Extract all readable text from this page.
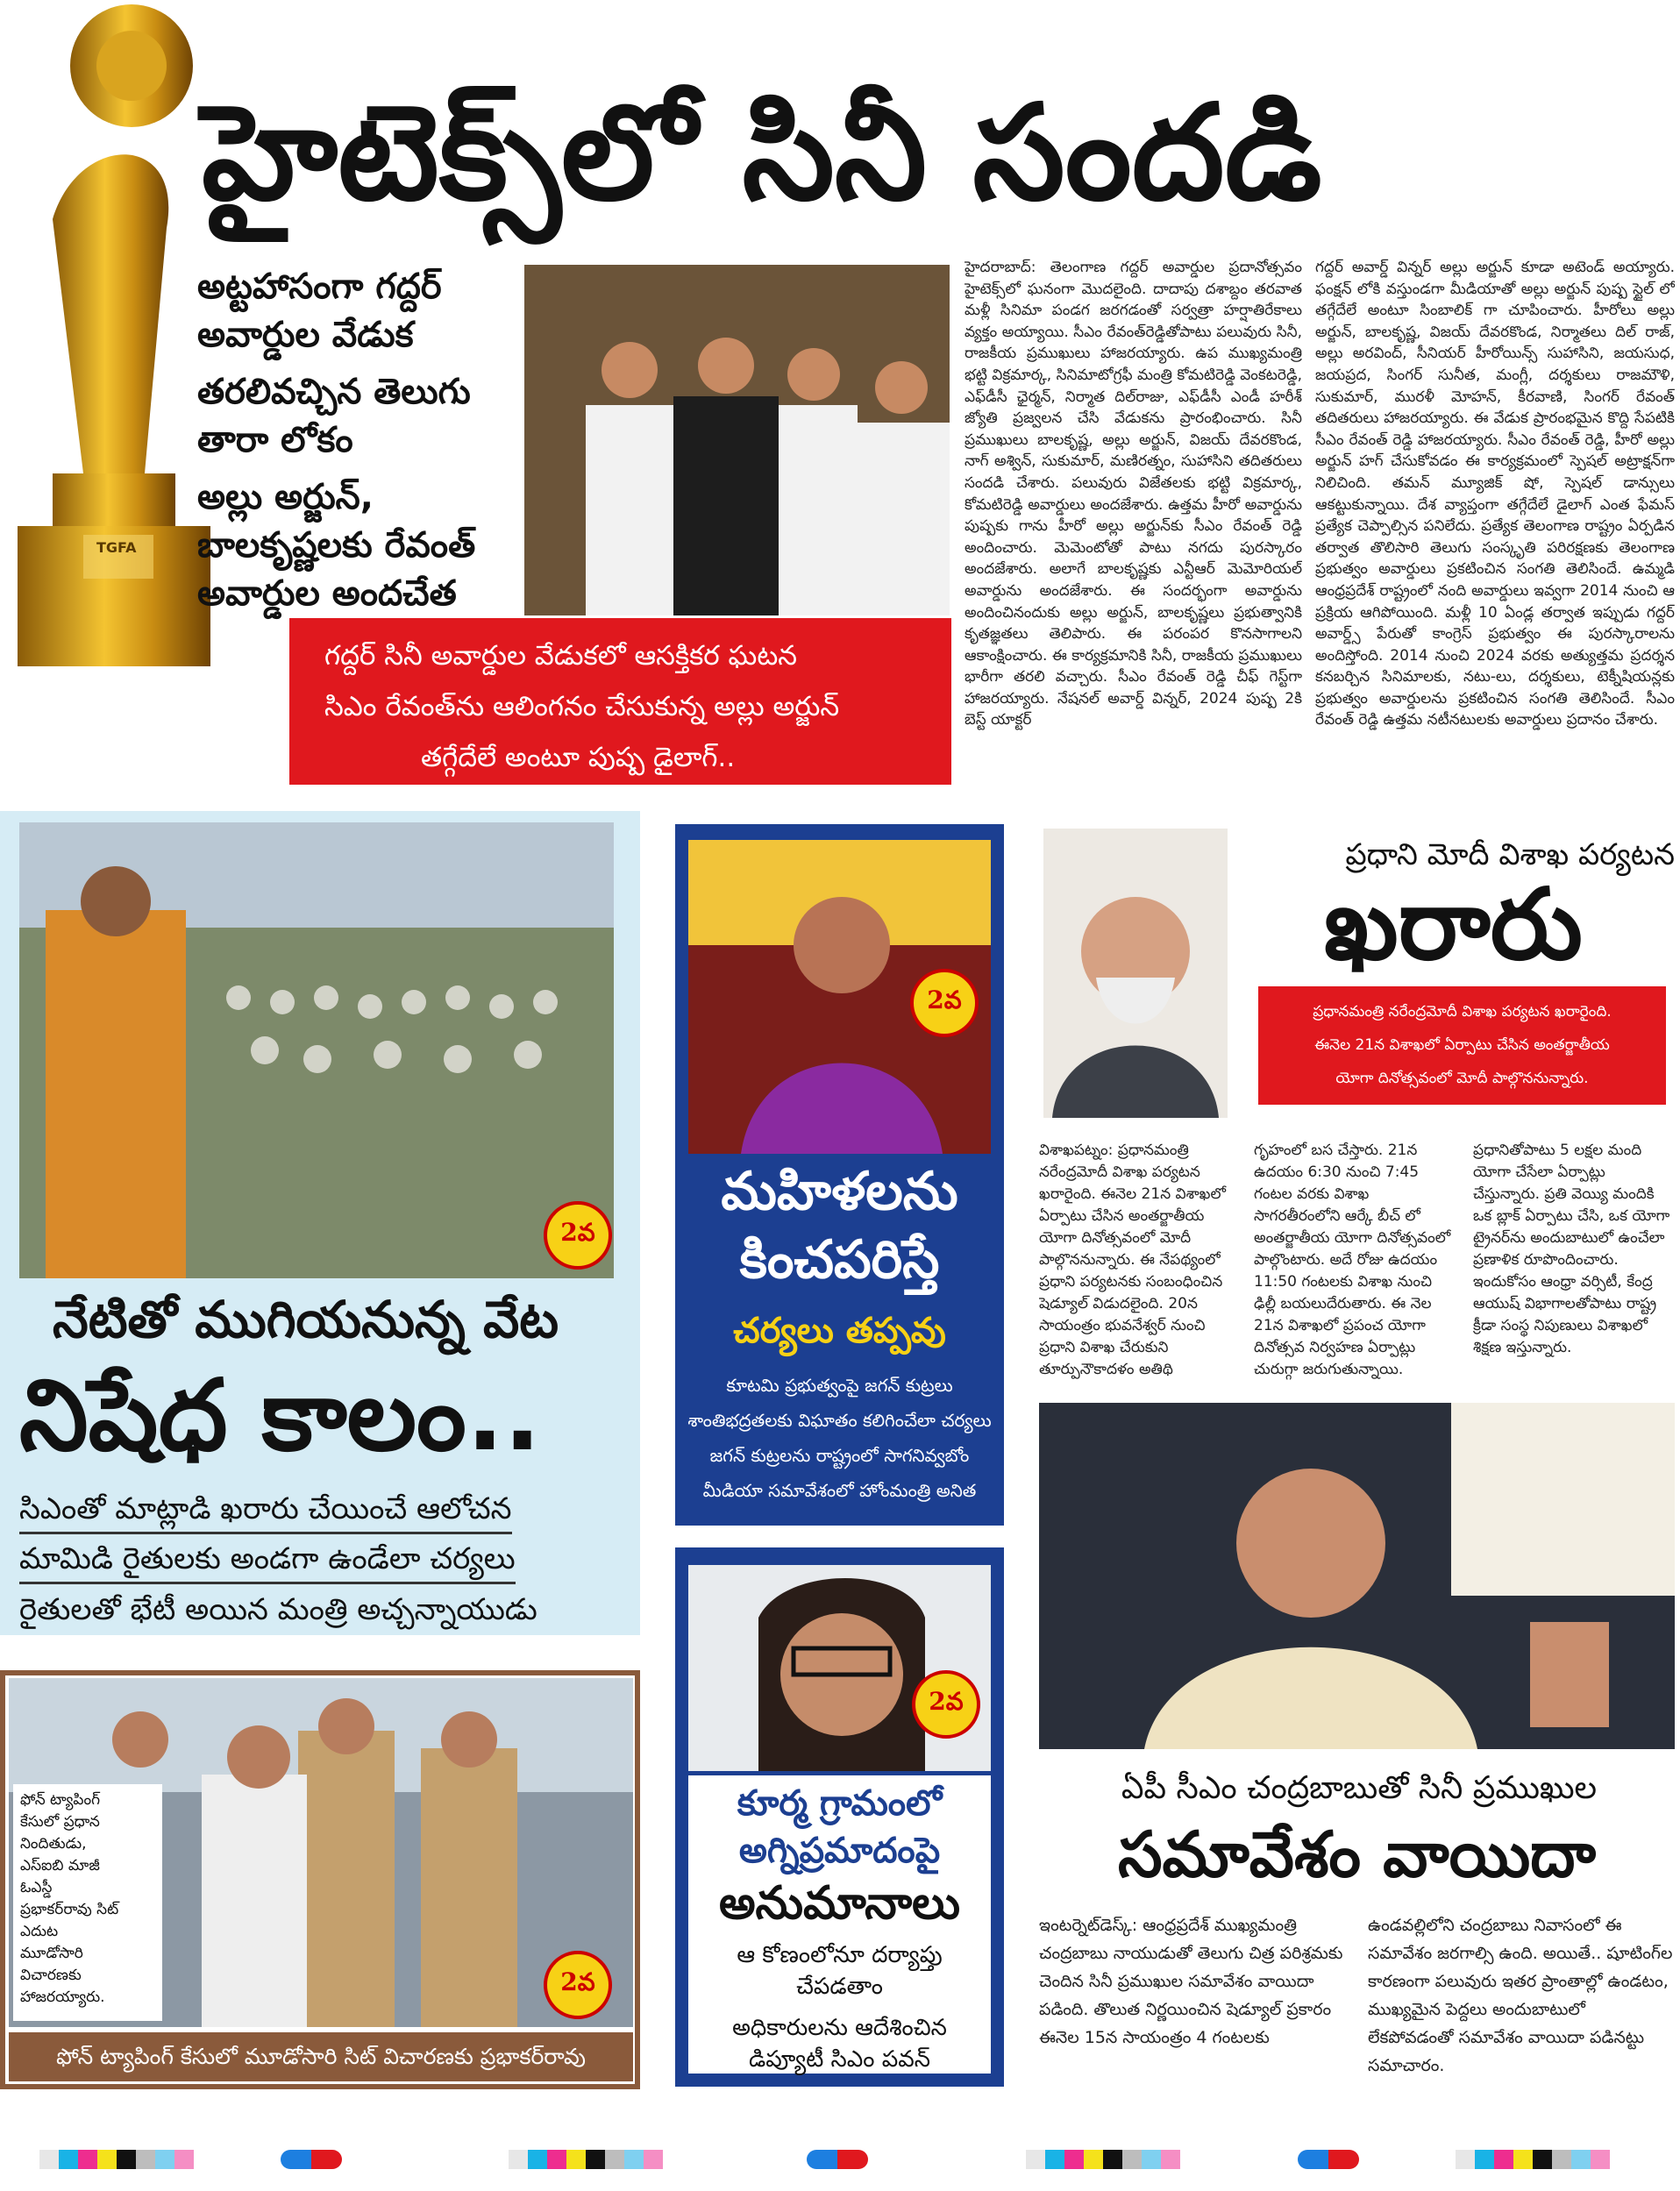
TGFA
హైటెక్స్‌లో సినీ సందడి
అట్టహాసంగా గద్దర్ అవార్డుల వేడుక
తరలివచ్చిన తెలుగు తారా లోకం
అల్లు అర్జున్, బాలకృష్ణలకు రేవంత్ అవార్డుల అందచేత
గద్దర్ సినీ అవార్డుల వేడుకలో ఆసక్తికర ఘటన
సిఎం రేవంత్‌ను ఆలింగనం చేసుకున్న అల్లు అర్జున్
తగ్గేదేలే అంటూ పుష్ప డైలాగ్..
హైదరాబాద్: తెలంగాణ గద్దర్ అవార్డుల ప్రదానోత్సవం హైటెక్స్‌లో ఘనంగా మొదలైంది. దాదాపు దశాబ్దం తరవాత మళ్లీ సినిమా పండగ జరగడంతో సర్వత్రా హర్షాతిరేకాలు వ్యక్తం అయ్యాయి. సీఎం రేవంత్‌రెడ్డితోపాటు పలువురు సినీ, రాజకీయ ప్రముఖులు హాజరయ్యారు. ఉప ముఖ్యమంత్రి భట్టి విక్రమార్క, సినిమాటోగ్రఫీ మంత్రి కోమటిరెడ్డి వెంకటరెడ్డి, ఎఫ్‌డీసీ ఛైర్మన్, నిర్మాత దిల్‌రాజు, ఎఫ్‌డీసీ ఎండీ హరీశ్ జ్యోతి ప్రజ్వలన చేసి వేడుకను ప్రారంభించారు. సినీ ప్రముఖులు బాలకృష్ణ, అల్లు అర్జున్, విజయ్ దేవరకొండ, నాగ్ అశ్విన్, సుకుమార్, మణిరత్నం, సుహాసిని తదితరులు సందడి చేశారు. పలువురు విజేతలకు భట్టి విక్రమార్క, కోమటిరెడ్డి అవార్డులు అందజేశారు. ఉత్తమ హీరో అవార్డును పుష్పకు గాను హీరో అల్లు అర్జున్‌కు సీఎం రేవంత్ రెడ్డి అందించారు. మెమెంటోతో పాటు నగదు పురస్కారం అందజేశారు. అలాగే బాలకృష్ణకు ఎన్టీఆర్ మెమోరియల్ అవార్డును అందజేశారు. ఈ సందర్భంగా అవార్డును అందించినందుకు అల్లు అర్జున్, బాలకృష్ణలు ప్రభుత్వానికి కృతజ్ఞతలు తెలిపారు. ఈ పరంపర కొనసాగాలని ఆకాంక్షించారు. ఈ కార్యక్రమానికి సినీ, రాజకీయ ప్రముఖులు భారీగా తరలి వచ్చారు. సీఎం రేవంత్ రెడ్డి చీఫ్ గెస్ట్‌గా హాజరయ్యారు. నేషనల్ అవార్డ్ విన్నర్, 2024 పుష్ప 2కి బెస్ట్ యాక్టర్
గద్దర్ అవార్డ్ విన్నర్ అల్లు అర్జున్ కూడా అటెండ్ అయ్యారు. ఫంక్షన్ లోకి వస్తుండగా మీడియాతో అల్లు అర్జున్ పుష్ప స్టైల్ లో తగ్గేదేలే అంటూ సింబాలిక్ గా చూపించారు. హీరోలు అల్లు అర్జున్, బాలకృష్ణ, విజయ్ దేవరకొండ, నిర్మాతలు దిల్ రాజ్, అల్లు అరవింద్, సీనియర్ హీరోయిన్స్ సుహాసిని, జయసుధ, జయప్రద, సింగర్ సునీత, మంగ్లీ, దర్శకులు రాజమౌళి, సుకుమార్, మురళీ మోహన్, కీరవాణి, సింగర్ రేవంత్ తదితరులు హాజరయ్యారు. ఈ వేడుక ప్రారంభమైన కొద్ది సేపటికి సీఎం రేవంత్ రెడ్డి హాజరయ్యారు. సీఎం రేవంత్ రెడ్డి, హీరో అల్లు అర్జున్ హగ్ చేసుకోవడం ఈ కార్యక్రమంలో స్పెషల్ అట్రాక్షన్‌గా నిలిచింది. తమన్ మ్యూజిక్ షో, స్పెషల్ డాన్సులు ఆకట్టుకున్నాయి. దేశ వ్యాప్తంగా తగ్గేదేలే డైలాగ్ ఎంత ఫేమస్ ప్రత్యేక చెప్పాల్సిన పనిలేదు. ప్రత్యేక తెలంగాణ రాష్ట్రం ఏర్పడిన తర్వాత తొలిసారి తెలుగు సంస్కృతి పరిరక్షణకు తెలంగాణ ప్రభుత్వం అవార్డులు ప్రకటించిన సంగతి తెలిసిందే. ఉమ్మడి ఆంధ్రప్రదేశ్ రాష్ట్రంలో నంది అవార్డులు ఇవ్వగా 2014 నుంచి ఆ ప్రక్రియ ఆగిపోయింది. మళ్లీ 10 ఏండ్ల తర్వాత ఇప్పుడు గద్దర్ అవార్డ్స్ పేరుతో కాంగ్రెస్ ప్రభుత్వం ఈ పురస్కారాలను అందిస్తోంది. 2014 నుంచి 2024 వరకు అత్యుత్తమ ప్రదర్శన కనబర్చిన సినిమాలకు, నటు-లు, దర్శకులు, టెక్నీషియన్లకు ప్రభుత్వం అవార్డులను ప్రకటించిన సంగతి తెలిసిందే. సీఎం రేవంత్ రెడ్డి ఉత్తమ నటీనటులకు అవార్డులు ప్రదానం చేశారు.
2వ
నేటితో ముగియనున్న వేట
నిషేధ కాలం..
సిఎంతో మాట్లాడి ఖరారు చేయించే ఆలోచన
మామిడి రైతులకు అండగా ఉండేలా చర్యలు
రైతులతో భేటీ అయిన మంత్రి అచ్చన్నాయుడు
2వ
మహిళలను
కించపరిస్తే
చర్యలు తప్పవు
కూటమి ప్రభుత్వంపై జగన్ కుట్రలు
శాంతిభద్రతలకు విఘాతం కలిగించేలా చర్యలు
జగన్ కుట్రలను రాష్ట్రంలో సాగనివ్వబోం
మీడియా సమావేశంలో హోంమంత్రి అనిత
ప్రధాని మోదీ విశాఖ పర్యటన
ఖరారు
ప్రధానమంత్రి నరేంద్రమోదీ విశాఖ పర్యటన ఖరారైంది.
ఈనెల 21న విశాఖలో ఏర్పాటు చేసిన అంతర్జాతీయ
యోగా దినోత్సవంలో మోదీ పాల్గొననున్నారు.
విశాఖపట్నం: ప్రధానమంత్రి నరేంద్రమోదీ విశాఖ పర్యటన ఖరారైంది. ఈనెల 21న విశాఖలో ఏర్పాటు చేసిన అంతర్జాతీయ యోగా దినోత్సవంలో మోదీ పాల్గొననున్నారు. ఈ నేపథ్యంలో ప్రధాని పర్యటనకు సంబంధించిన షెడ్యూల్ విడుదలైంది. 20న సాయంత్రం భువనేశ్వర్ నుంచి ప్రధాని విశాఖ చేరుకుని తూర్పునౌకాదళం అతిథి
గృహంలో బస చేస్తారు. 21న ఉదయం 6:30 నుంచి 7:45 గంటల వరకు విశాఖ సాగరతీరంలోని ఆర్కే బీచ్ లో అంతర్జాతీయ యోగా దినోత్సవంలో పాల్గొంటారు. అదే రోజు ఉదయం 11:50 గంటలకు విశాఖ నుంచి ఢిల్లీ బయలుదేరుతారు. ఈ నెల 21న విశాఖలో ప్రపంచ యోగా దినోత్సవ నిర్వహణ ఏర్పాట్లు చురుగ్గా జరుగుతున్నాయి.
ప్రధానితోపాటు 5 లక్షల మంది యోగా చేసేలా ఏర్పాట్లు చేస్తున్నారు. ప్రతి వెయ్యి మందికి ఒక బ్లాక్ ఏర్పాటు చేసి, ఒక యోగా ట్రైనర్‌ను అందుబాటులో ఉంచేలా ప్రణాళిక రూపొందించారు. ఇందుకోసం ఆంధ్రా వర్సిటీ, కేంద్ర ఆయుష్ విభాగాలతోపాటు రాష్ట్ర క్రీడా సంస్థ నిపుణులు విశాఖలో శిక్షణ ఇస్తున్నారు.
ఏపీ సీఎం చంద్రబాబుతో సినీ ప్రముఖుల
సమావేశం వాయిదా
ఇంటర్నెట్‌డెస్క్: ఆంధ్రప్రదేశ్ ముఖ్యమంత్రి చంద్రబాబు నాయుడుతో తెలుగు చిత్ర పరిశ్రమకు చెందిన సినీ ప్రముఖుల సమావేశం వాయిదా పడింది. తొలుత నిర్ణయించిన షెడ్యూల్ ప్రకారం ఈనెల 15న సాయంత్రం 4 గంటలకు
ఉండవల్లిలోని చంద్రబాబు నివాసంలో ఈ సమావేశం జరగాల్సి ఉంది. అయితే.. షూటింగ్‌ల కారణంగా పలువురు ఇతర ప్రాంతాల్లో ఉండటం, ముఖ్యమైన పెద్దలు అందుబాటులో లేకపోవడంతో సమావేశం వాయిదా పడినట్టు సమాచారం.
ఫోన్ ట్యాపింగ్
కేసులో ప్రధాన
నిందితుడు,
ఎస్ఐబి మాజీ
ఓఎస్డీ
ప్రభాకర్‌రావు సిట్
ఎదుట
మూడోసారి
విచారణకు
హాజరయ్యారు.
2వ
ఫోన్ ట్యాపింగ్ కేసులో మూడోసారి సిట్ విచారణకు ప్రభాకర్‌రావు
2వ
కూర్మ గ్రామంలో
అగ్నిప్రమాదంపై
అనుమానాలు
ఆ కోణంలోనూ దర్యాప్తు
చేపడతాం
అధికారులను ఆదేశించిన
డిప్యూటీ సిఎం పవన్
